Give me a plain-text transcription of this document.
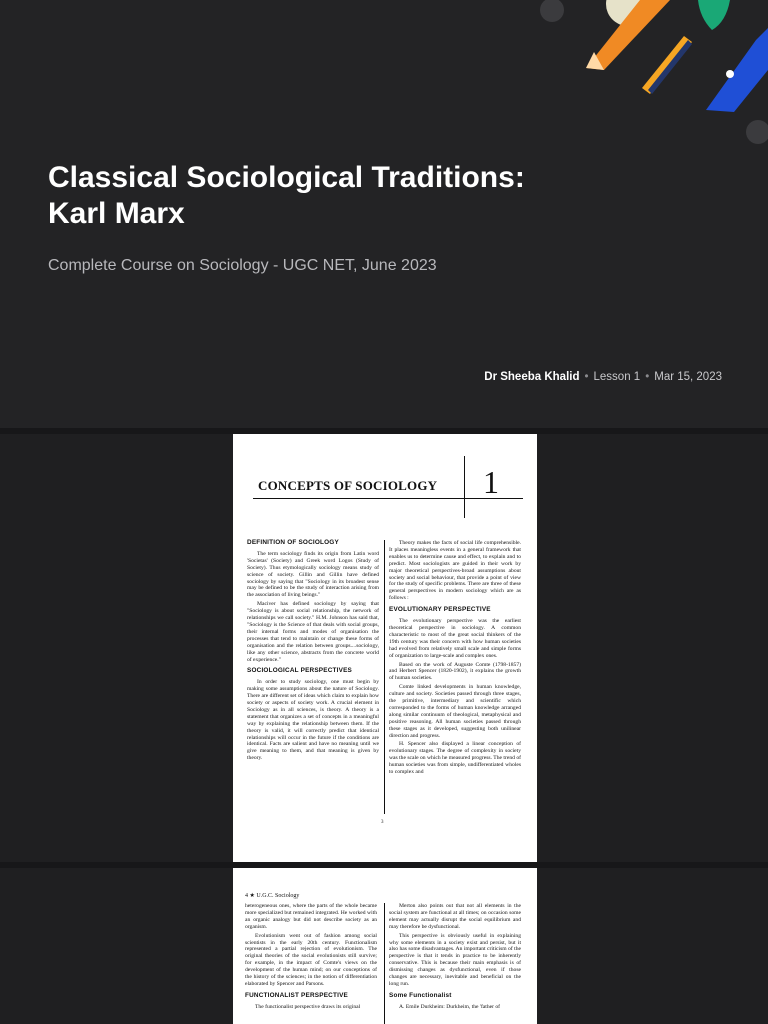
Classical Sociological Traditions:
Karl Marx
Complete Course on Sociology - UGC NET, June 2023
Dr Sheeba Khalid • Lesson 1 • Mar 15, 2023
CONCEPTS OF SOCIOLOGY 1
DEFINITION OF SOCIOLOGY

The term sociology finds its origin from Latin word 'Societas' (Society) and Greek word Logos (Study of Society). Thus etymologically sociology means study of science of society. Gillin and Gillin have defined sociology by saying that "Sociology in its broadest sense may be defined to be the study of interaction arising from the association of living beings."

Maciver has defined sociology by saying that "Sociology is about social relationship, the network of relationships we call society." H.M. Johnson has said that, "Sociology is the Science of that deals with social groups, their internal forms and modes of organisation the processes that tend to maintain or change these forms of organisation and the relation between groups....sociology, like any other science, abstracts from the concrete world of experience."

SOCIOLOGICAL PERSPECTIVES

In order to study sociology, one must begin by making some assumptions about the nature of Sociology. There are different set of ideas which claim to explain how society or aspects of society work. A crucial element in Sociology as in all sciences, is theory. A theory is a statement that organizes a set of concepts in a meaningful way by explaining the relationship between them. If the theory is valid, it will correctly predict that identical relationships will occur in the future if the conditions are identical. Facts are salient and have no meaning until we give meaning to them, and that meaning is given by theory.

Theory makes the facts of social life comprehensible. It places meaningless events in a general framework that enables us to determine cause and effect, to explain and to predict. Most sociologists are guided in their work by major theoretical perspectives-broad assumptions about society and social behaviour, that provide a point of view for the study of specific problems. There are three of these general perspectives in modern sociology which are as follows :

EVOLUTIONARY PERSPECTIVE

The evolutionary perspective was the earliest theoretical perspective in sociology. A common characteristic to most of the great social thinkers of the 19th century was their concern with how human societies had evolved from relatively small scale and simple forms of organization to large-scale and complex ones.

Based on the work of Auguste Comte (1798-1857) and Herbert Spencer (1820-1902), it explains the growth of human societies.

Comte linked developments in human knowledge, culture and society. Societies passed through three stages, the primitive, intermediary and scientific which corresponded to the forms of human knowledge arranged along similar continuum of theological, metaphysical and positive reasoning. All human societies passed through these stages as it developed, suggesting both unilinear direction and progress.

H. Spencer also displayed a linear conception of evolutionary stages. The degree of complexity in society was the scale on which he measured progress. The trend of human societies was from simple, undifferentiated wholes to complex and

3
4 ★ U.G.C. Sociology

heterogeneous ones, where the parts of the whole became more specialized but remained integrated. He worked with an organic analogy but did not describe society as an organism.

Evolutionism went out of fashion among social scientists in the early 20th century. Functionalism represented a partial rejection of evolutionism. The original theories of the social evolutionists still survive; for example, in the impact of Comte's views on the development of the human mind; on our conceptions of the history of the sciences; in the notion of differentiation elaborated by Spencer and Parsons.

FUNCTIONALIST PERSPECTIVE

The functionalist perspective draws its original

Merton also points out that not all elements in the social system are functional at all times; on occasion some element may actually disrupt the social equilibrium and may therefore be dysfunctional.

This perspective is obviously useful in explaining why some elements in a society exist and persist, but it also has some disadvantages. An important criticism of the perspective is that it tends in practice to be inherently conservative. This is because their main emphasis is of dismissing changes as dysfunctional, even if those changes are necessary, inevitable and beneficial on the long run.

Some Functionalist

A. Emile Durkheim: Durkheim, the 'father of
